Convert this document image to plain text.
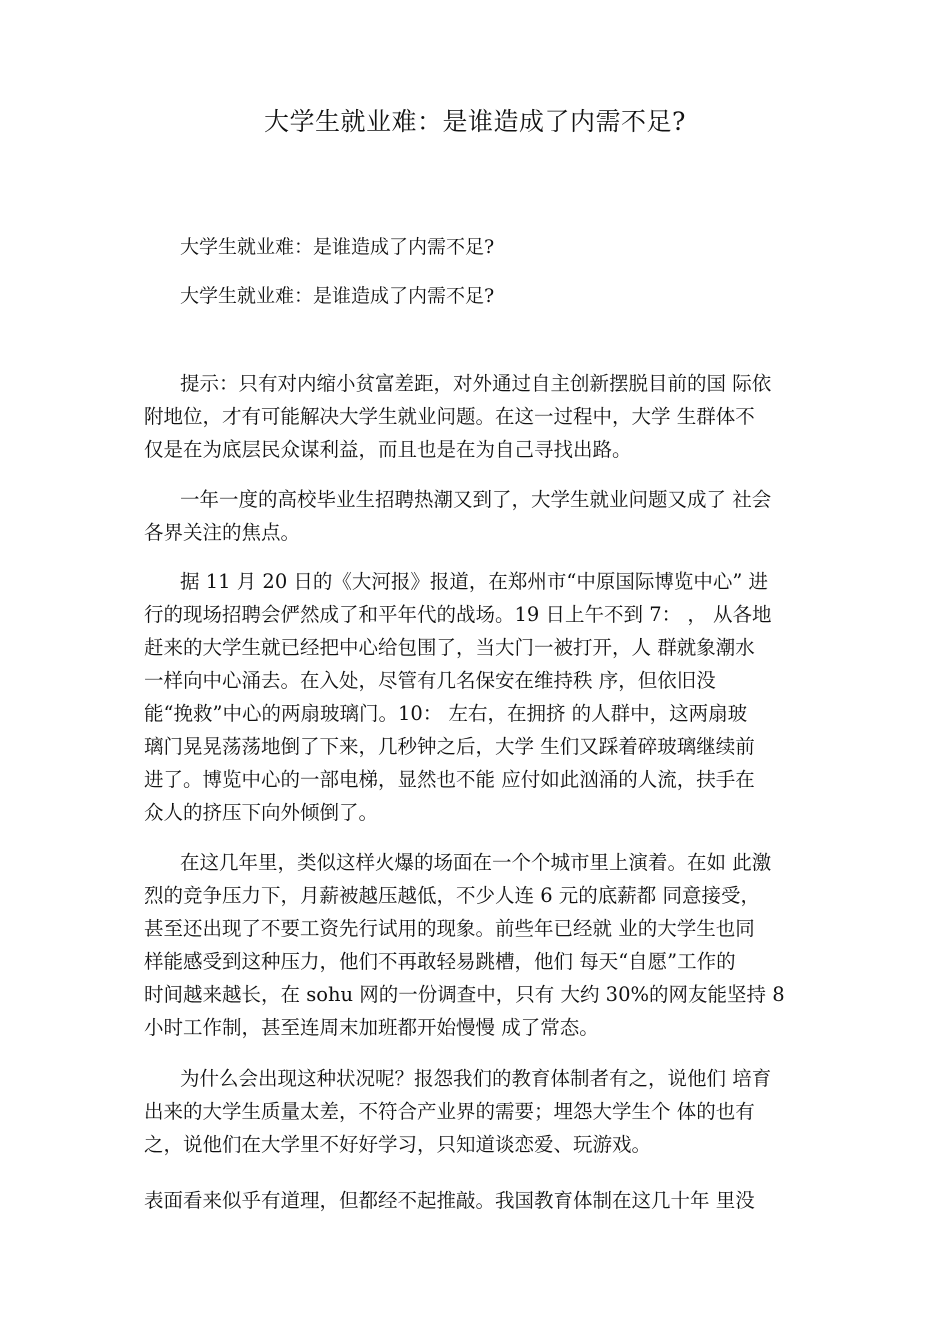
大学生就业难：是谁造成了内需不足?
大学生就业难：是谁造成了内需不足?
大学生就业难：是谁造成了内需不足?

提示：只有对内缩小贫富差距，对外通过自主创新摆脱目前的国 际依
附地位，才有可能解决大学生就业问题。在这一过程中，大学 生群体不
仅是在为底层民众谋利益，而且也是在为自己寻找出路。

一年一度的高校毕业生招聘热潮又到了，大学生就业问题又成了 社会
各界关注的焦点。

据 11 月 20 日的《大河报》报道，在郑州市“中原国际博览中心” 进
行的现场招聘会俨然成了和平年代的战场。19 日上午不到 7： ， 从各地
赶来的大学生就已经把中心给包围了，当大门一被打开，人 群就象潮水
一样向中心涌去。在入处，尽管有几名保安在维持秩 序，但依旧没
能“挽救”中心的两扇玻璃门。10： 左右，在拥挤 的人群中，这两扇玻
璃门晃晃荡荡地倒了下来，几秒钟之后，大学 生们又踩着碎玻璃继续前
进了。博览中心的一部电梯，显然也不能 应付如此汹涌的人流，扶手在
众人的挤压下向外倾倒了。

在这几年里，类似这样火爆的场面在一个个城市里上演着。在如 此激
烈的竞争压力下，月薪被越压越低，不少人连 6 元的底薪都 同意接受，
甚至还出现了不要工资先行试用的现象。前些年已经就 业的大学生也同
样能感受到这种压力，他们不再敢轻易跳槽，他们 每天“自愿”工作的
时间越来越长，在 sohu 网的一份调查中，只有 大约 30%的网友能坚持 8
小时工作制，甚至连周末加班都开始慢慢 成了常态。

为什么会出现这种状况呢？报怨我们的教育体制者有之，说他们 培育
出来的大学生质量太差，不符合产业界的需要；埋怨大学生个 体的也有
之，说他们在大学里不好好学习，只知道谈恋爱、玩游戏。

表面看来似乎有道理，但都经不起推敲。我国教育体制在这几十年 里没
